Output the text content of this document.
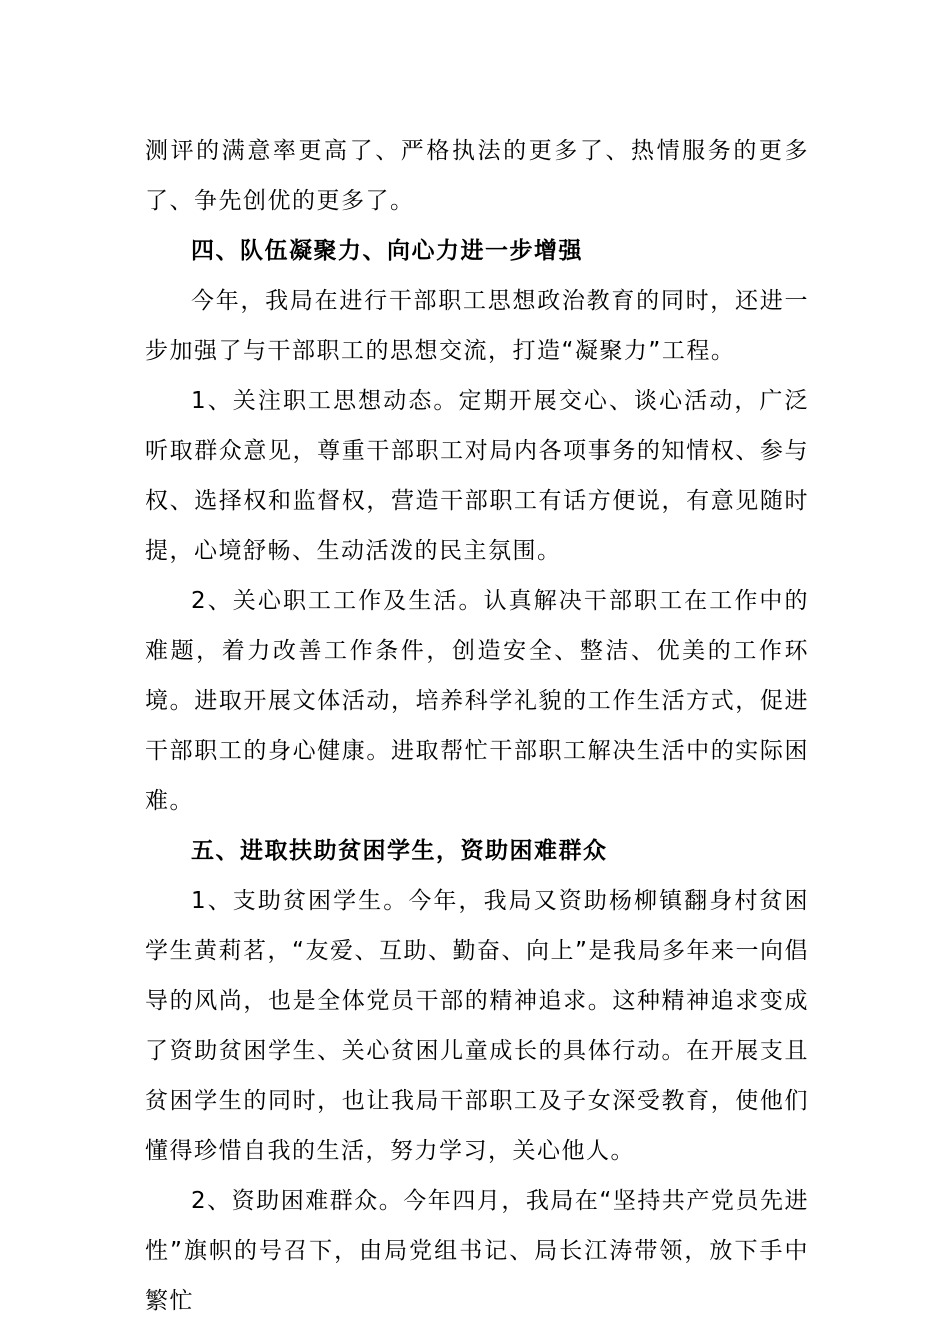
测评的满意率更高了、严格执法的更多了、热情服务的更多了、争先创优的更多了。

四、队伍凝聚力、向心力进一步增强

今年，我局在进行干部职工思想政治教育的同时，还进一步加强了与干部职工的思想交流，打造“凝聚力”工程。

1、关注职工思想动态。定期开展交心、谈心活动，广泛听取群众意见，尊重干部职工对局内各项事务的知情权、参与权、选择权和监督权，营造干部职工有话方便说，有意见随时提，心境舒畅、生动活泼的民主氛围。

2、关心职工工作及生活。认真解决干部职工在工作中的难题，着力改善工作条件，创造安全、整洁、优美的工作环境。进取开展文体活动，培养科学礼貌的工作生活方式，促进干部职工的身心健康。进取帮忙干部职工解决生活中的实际困难。

五、进取扶助贫困学生，资助困难群众

1、支助贫困学生。今年，我局又资助杨柳镇翻身村贫困学生黄莉茗，“友爱、互助、勤奋、向上”是我局多年来一向倡导的风尚，也是全体党员干部的精神追求。这种精神追求变成了资助贫困学生、关心贫困儿童成长的具体行动。在开展支且贫困学生的同时，也让我局干部职工及子女深受教育，使他们懂得珍惜自我的生活，努力学习，关心他人。

2、资助困难群众。今年四月，我局在“坚持共产党员先进性”旗帜的号召下，由局党组书记、局长江涛带领，放下手中繁忙
